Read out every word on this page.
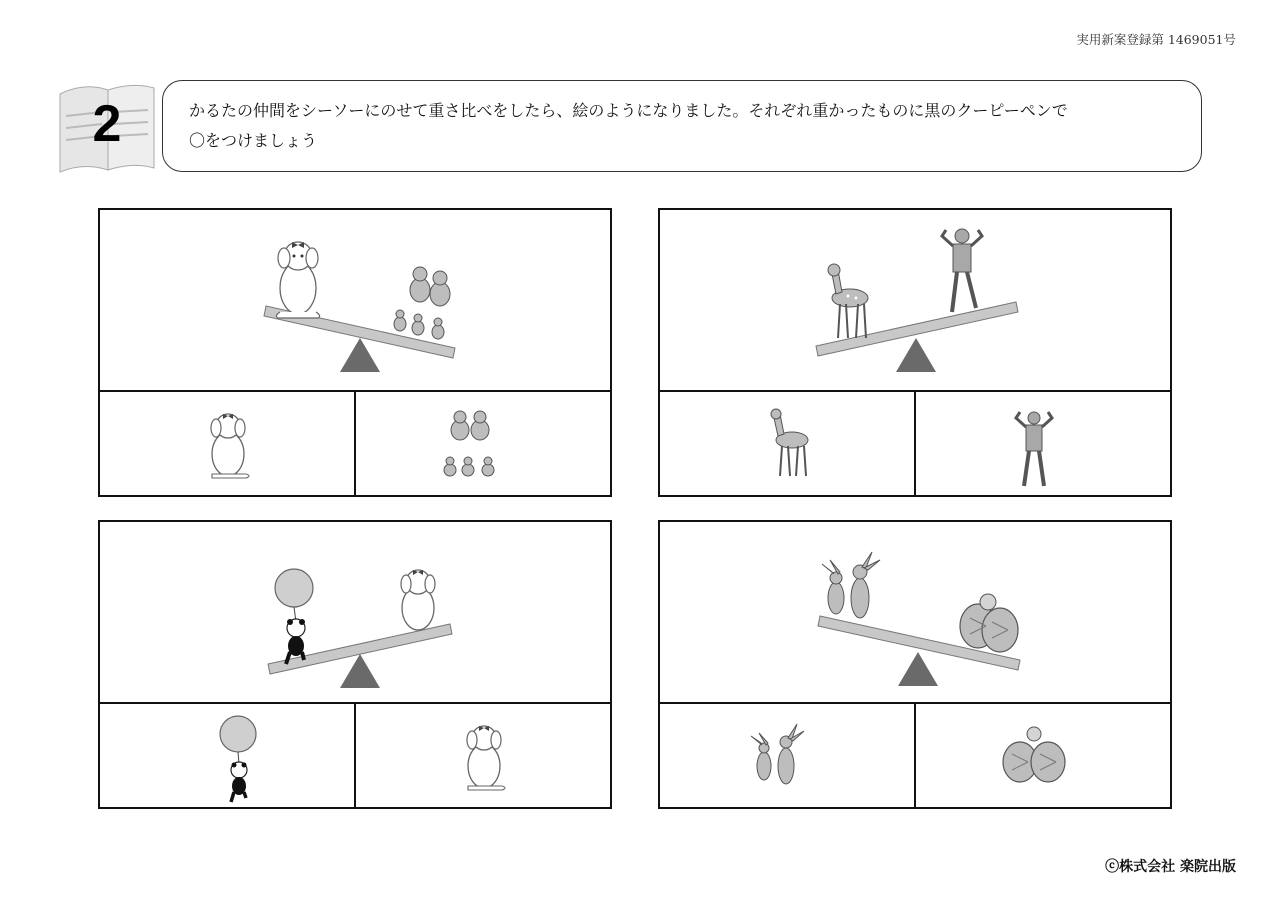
実用新案登録第 1469051号
2	かるたの仲間をシーソーにのせて重さ比べをしたら、絵のようになりました。それぞれ重かったものに黒のクーピーペンで
〇をつけましょう
ⓒ株式会社 楽院出版
